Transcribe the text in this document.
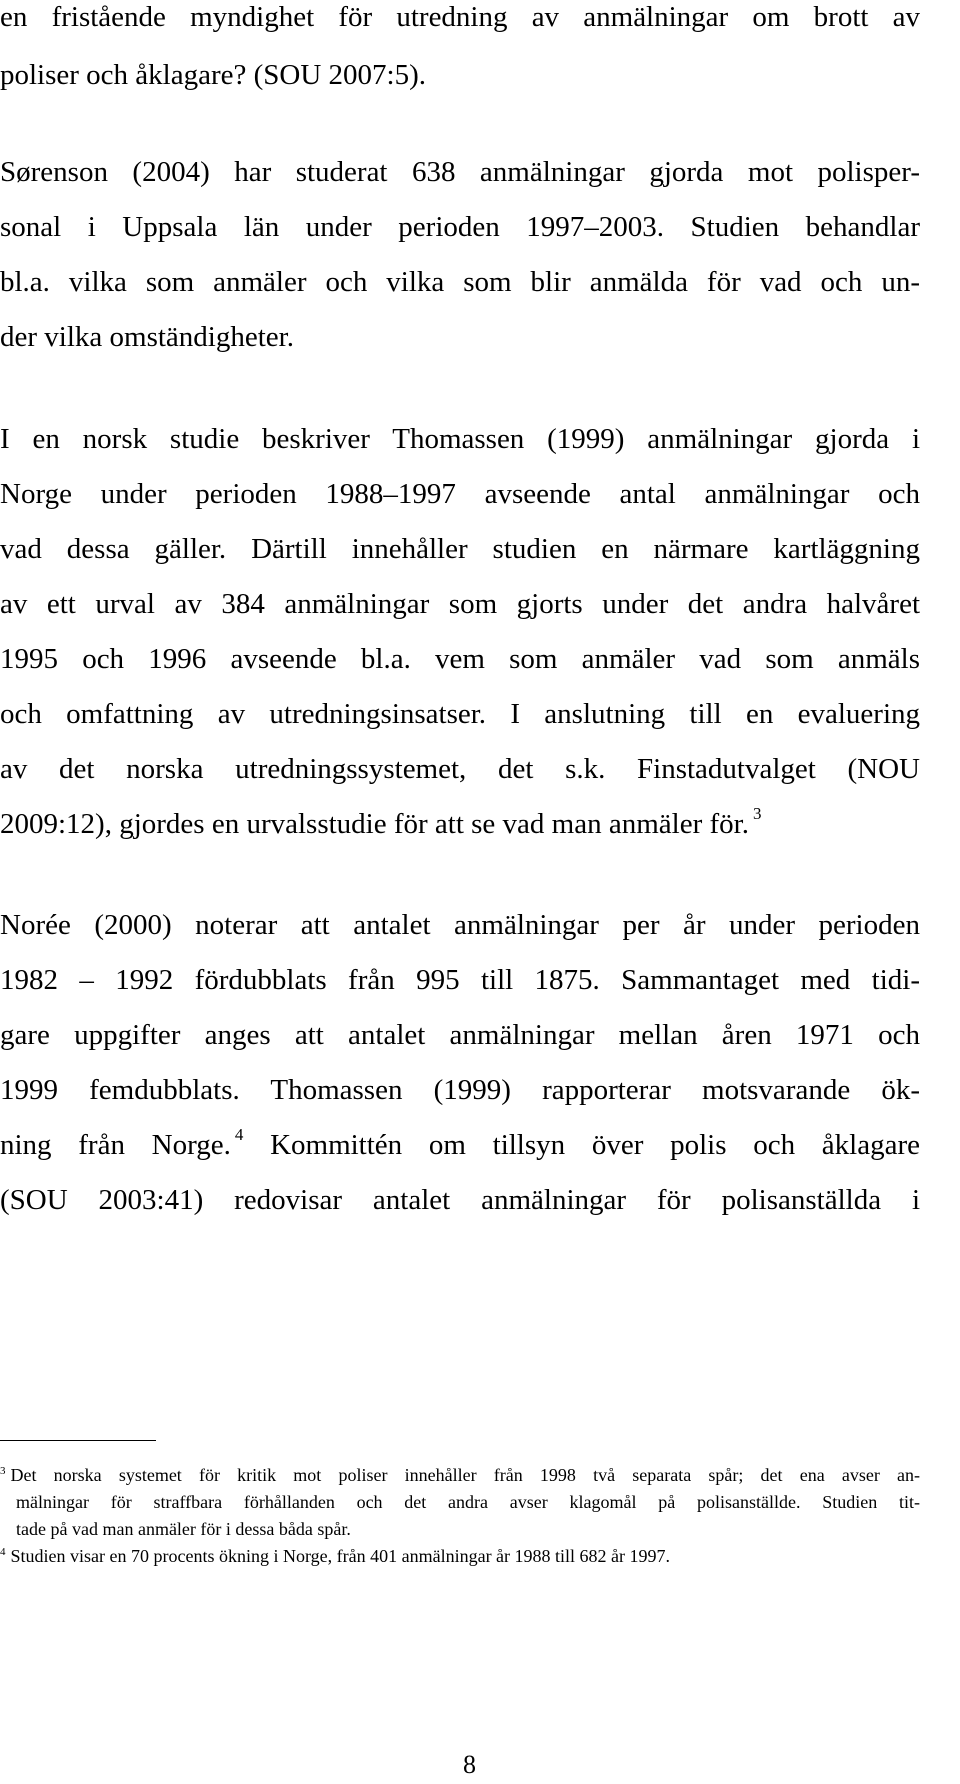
en fristående myndighet för utredning av anmälningar om brott av
poliser och åklagare? (SOU 2007:5).
Sørenson (2004) har studerat 638 anmälningar gjorda mot polisper-
sonal i Uppsala län under perioden 1997–2003. Studien behandlar
bl.a. vilka som anmäler och vilka som blir anmälda för vad och un-
der vilka omständigheter.
I en norsk studie beskriver Thomassen (1999) anmälningar gjorda i
Norge under perioden 1988–1997 avseende antal anmälningar och
vad dessa gäller. Därtill innehåller studien en närmare kartläggning
av ett urval av 384 anmälningar som gjorts under det andra halvåret
1995 och 1996 avseende bl.a. vem som anmäler vad som anmäls
och omfattning av utredningsinsatser. I anslutning till en evaluering
av det norska utredningssystemet, det s.k. Finstadutvalget (NOU
2009:12), gjordes en urvalsstudie för att se vad man anmäler för. $^3$
Norée (2000) noterar att antalet anmälningar per år under perioden
1982 – 1992 fördubblats från 995 till 1875. Sammantaget med tidi-
gare uppgifter anges att antalet anmälningar mellan åren 1971 och
1999 femdubblats. Thomassen (1999) rapporterar motsvarande ök-
ning från Norge. $^4$ Kommittén om tillsyn över polis och åklagare
(SOU 2003:41) redovisar antalet anmälningar för polisanställda i
$^3$ Det norska systemet för kritik mot poliser innehåller från 1998 två separata spår; det ena avser an-
mälningar för straffbara förhållanden och det andra avser klagomål på polisanställde. Studien tit-
tade på vad man anmäler för i dessa båda spår.
$^4$ Studien visar en 70 procents ökning i Norge, från 401 anmälningar år 1988 till 682 år 1997.
8
